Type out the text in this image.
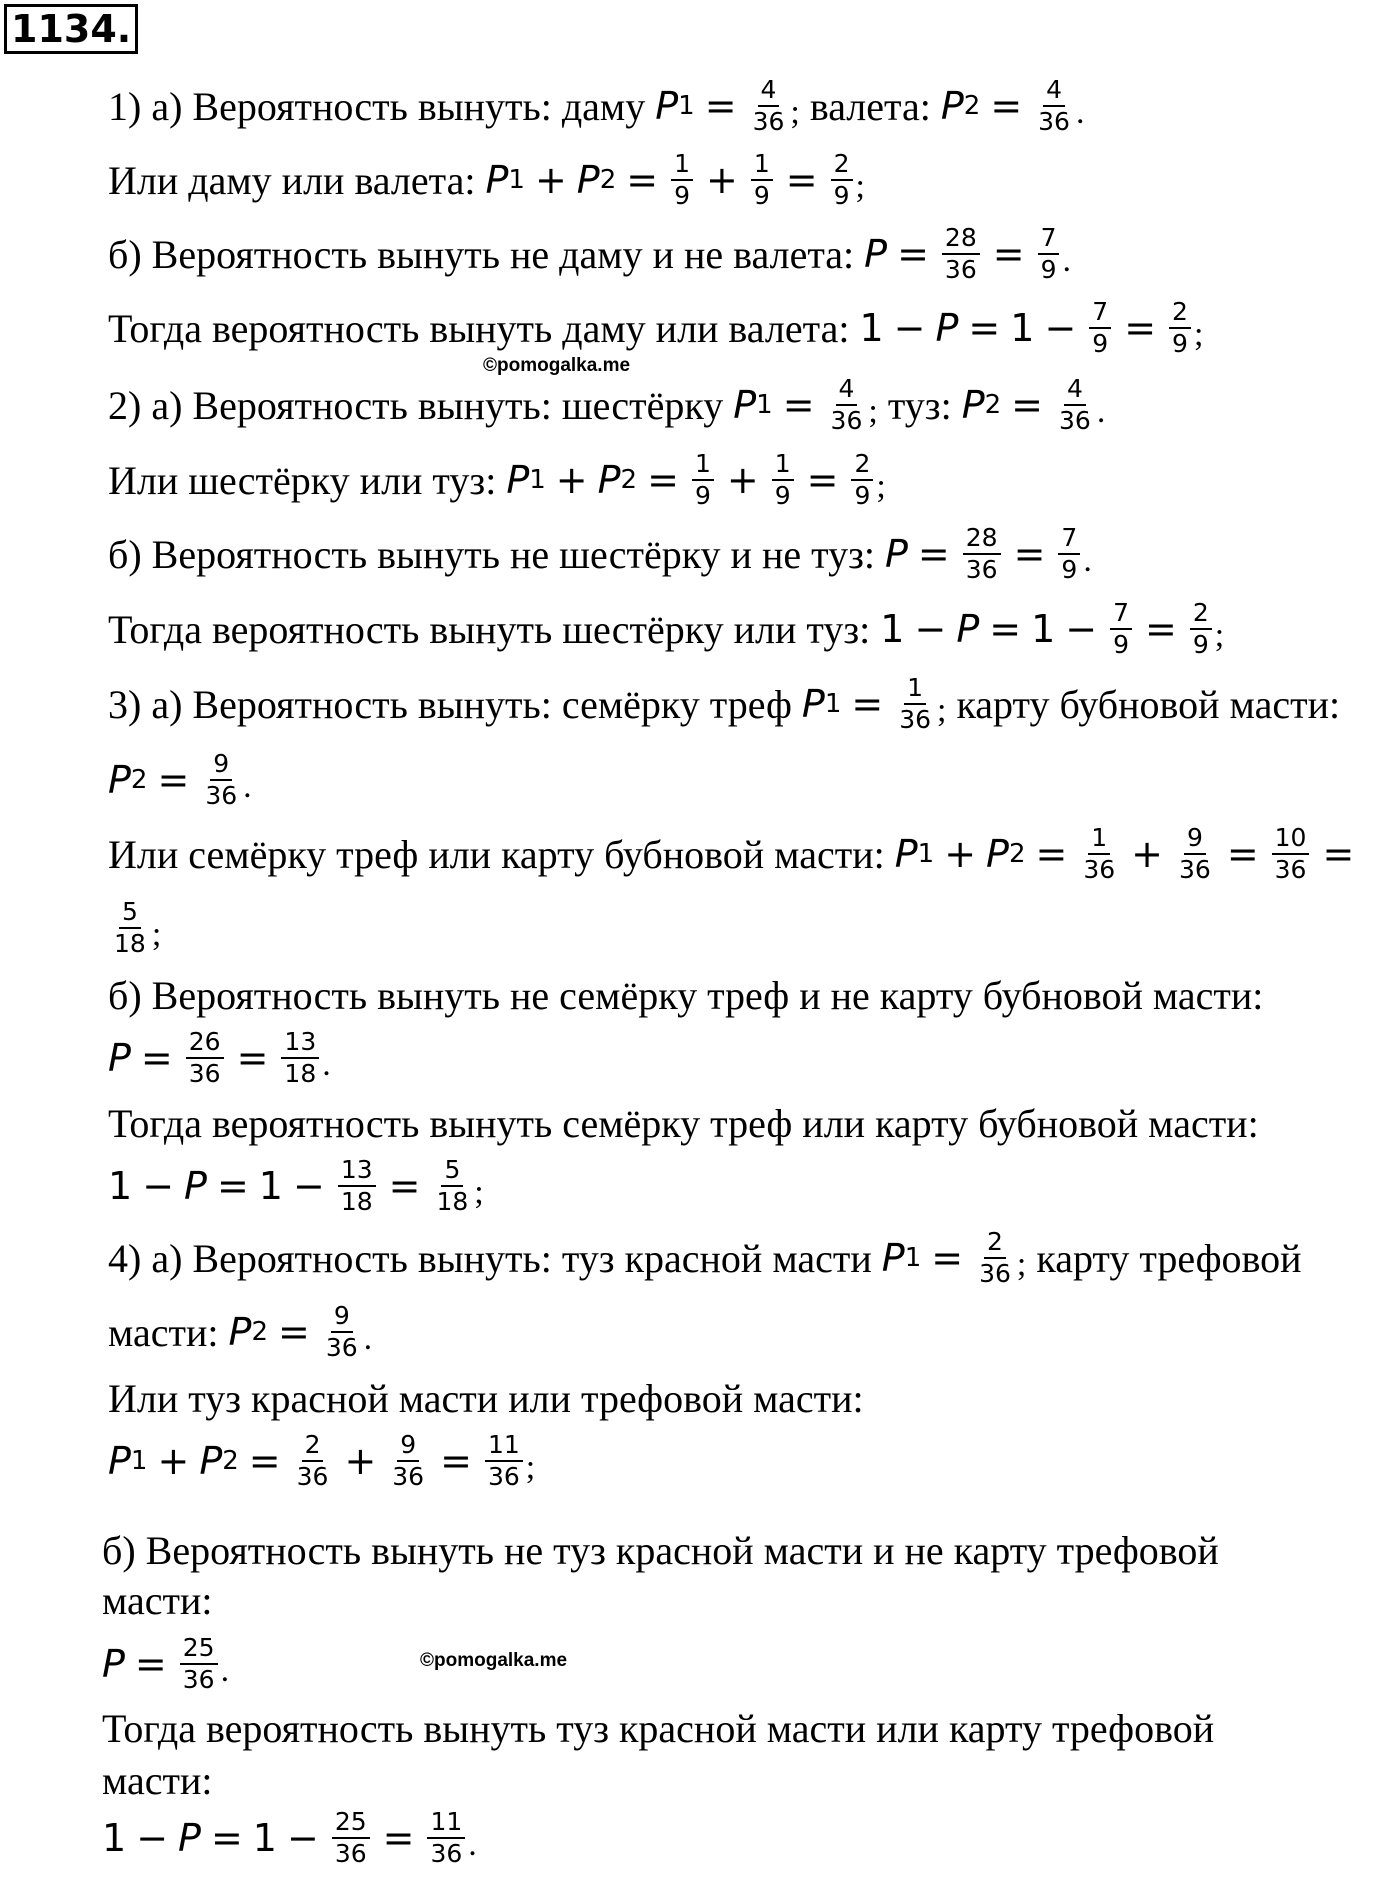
1134.
1) а) Вероятность вынуть: даму
P $1 = \frac{4}{36}$ ;
валета:
P $2 = \frac{4}{36}$ .
Или даму или валета:
P 1 + P $2 = \frac{1}{9} + \frac{1}{9} = \frac{2}{9}$ ;
б) Вероятность вынуть не даму и не валета:
$P = \frac{28}{36} = \frac{7}{9}$ .
Тогда вероятность вынуть даму или валета:
$1 - P = 1 - \frac{7}{9} = \frac{2}{9}$ ;
©pomogalka.me
2) а) Вероятность вынуть: шестёрку
P $1 = \frac{4}{36}$ ;
туз:
P $2 = \frac{4}{36}$ .
Или шестёрку или туз:
P 1 + P $2 = \frac{1}{9} + \frac{1}{9} = \frac{2}{9}$ ;
б) Вероятность вынуть не шестёрку и не туз:
$P = \frac{28}{36} = \frac{7}{9}$ .
Тогда вероятность вынуть шестёрку или туз:
$1 - P = 1 - \frac{7}{9} = \frac{2}{9}$ ;
3) а) Вероятность вынуть: семёрку треф
P $1 = \frac{1}{36}$ ;
карту бубновой масти:
P $2 = \frac{9}{36}$ .
Или семёрку треф или карту бубновой масти:
P 1 + P $2 = \frac{1}{36} + \frac{9}{36} = \frac{10}{36}$ =
$\frac{5}{18}$ ;
б) Вероятность вынуть не семёрку треф и не карту бубновой масти:
$P = \frac{26}{36} = \frac{13}{18}$ .
Тогда вероятность вынуть семёрку треф или карту бубновой масти:
$1 - P = 1 - \frac{13}{18} = \frac{5}{18}$ ;
4) а) Вероятность вынуть: туз красной масти
P $1 = \frac{2}{36}$ ;
карту трефовой
масти:
P $2 = \frac{9}{36}$ .
Или туз красной масти или трефовой масти:
P 1 + P $2 = \frac{2}{36} + \frac{9}{36} = \frac{11}{36}$ ;
б) Вероятность вынуть не туз красной масти и не карту трефовой
масти:
$P = \frac{25}{36}$ .	©pomogalka.me
Тогда вероятность вынуть туз красной масти или карту трефовой
масти:
$1 - P = 1 - \frac{25}{36} = \frac{11}{36}$ .
